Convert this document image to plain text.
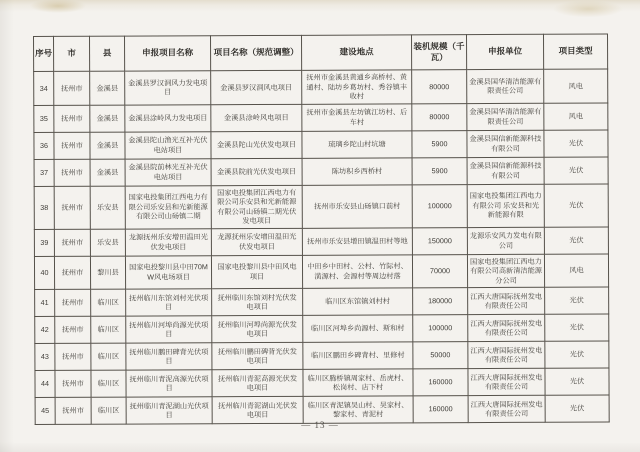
序号	市	县	申报项目名称	项目名称（规范调整）	建设地点	装机规模（千瓦）	申报单位	项目类型
34	抚州市	金溪县	金溪县罗汉洞风力发电项目	金溪县罗汉洞风电项目	抚州市金溪县黄通乡高桥村、黄通村、陆坊乡葛坊村、秀谷镇丰收村	80000	金溪县国华清洁能源有限责任公司	风电
35	抚州市	金溪县	金溪县涂岭风力发电项目	金溪县涂岭风电项目	抚州市金溪县左坊镇江坊村、后车村	80000	金溪县国华清洁能源有限责任公司	风电
36	抚州市	金溪县	金溪县陀山渔光互补光伏电站项目	金溪县陀山光伏发电项目	琉璃乡陀山村坑塘	5900	金溪县国信新能源科技有限公司	光伏
37	抚州市	金溪县	金溪县院前林光互补光伏电站项目	金溪县院前光伏发电项目	陈坊积乡西桥村	5900	金溪县国信新能源科技有限公司	光伏
38	抚州市	乐安县	国家电投集团江西电力有限公司乐安县和光新能源有限公司山砀镇二期	国家电投集团江西电力有限公司乐安县和光新能源有限公司山砀镇二期光伏发电项目	抚州市乐安县山砀镇口前村	100000	国家电投集团江西电力有限公司 乐安县和光新能源有限	光伏
39	抚州市	乐安县	龙源抚州乐安增田温田光伏发电项目	龙源抚州乐安增田温田光伏发电项目	抚州市乐安县增田镇温田村等地	150000	龙源乐安风力发电有限公司	光伏
40	抚州市	黎川县	国家电投黎川县中田70MW风电场项目	国家电投黎川县中田风电项目	中田乡中田村、公村、竹际村、潢源村、会源村等周边村落	70000	国家电投集团江西电力有限公司高新清洁能源分公司	风电
41	抚州市	临川区	抚州临川东馆刘村光伏项目	抚州临川东馆刘村光伏发电项目	临川区东馆镇刘村村	180000	江西大唐国际抚州发电有限责任公司	光伏
42	抚州市	临川区	抚州临川河埠尚源光伏项目	抚州临川河埠尚源光伏发电项目	临川区河埠乡尚源村、斯和村	100000	江西大唐国际抚州发电有限责任公司	光伏
43	抚州市	临川区	抚州临川鹏田碑背光伏项目	抚州临川鹏田碑背光伏发电项目	临川区鹏田乡碑背村、里修村	50000	江西大唐国际抚州发电有限责任公司	光伏
44	抚州市	临川区	抚州临川青泥高源光伏项目	抚州临川青泥高源光伏发电项目	临川区腾桥镇周家村、岳虎村、松岗村、店下村	160000	江西大唐国际抚州发电有限责任公司	光伏
45	抚州市	临川区	抚州临川青泥湖山光伏项目	抚州临川青泥湖山光伏发电项目	临川区青泥镇吴山村、吴家村、黎家村、青泥村	160000	江西大唐国际抚州发电有限责任公司	光伏
— 13 —
